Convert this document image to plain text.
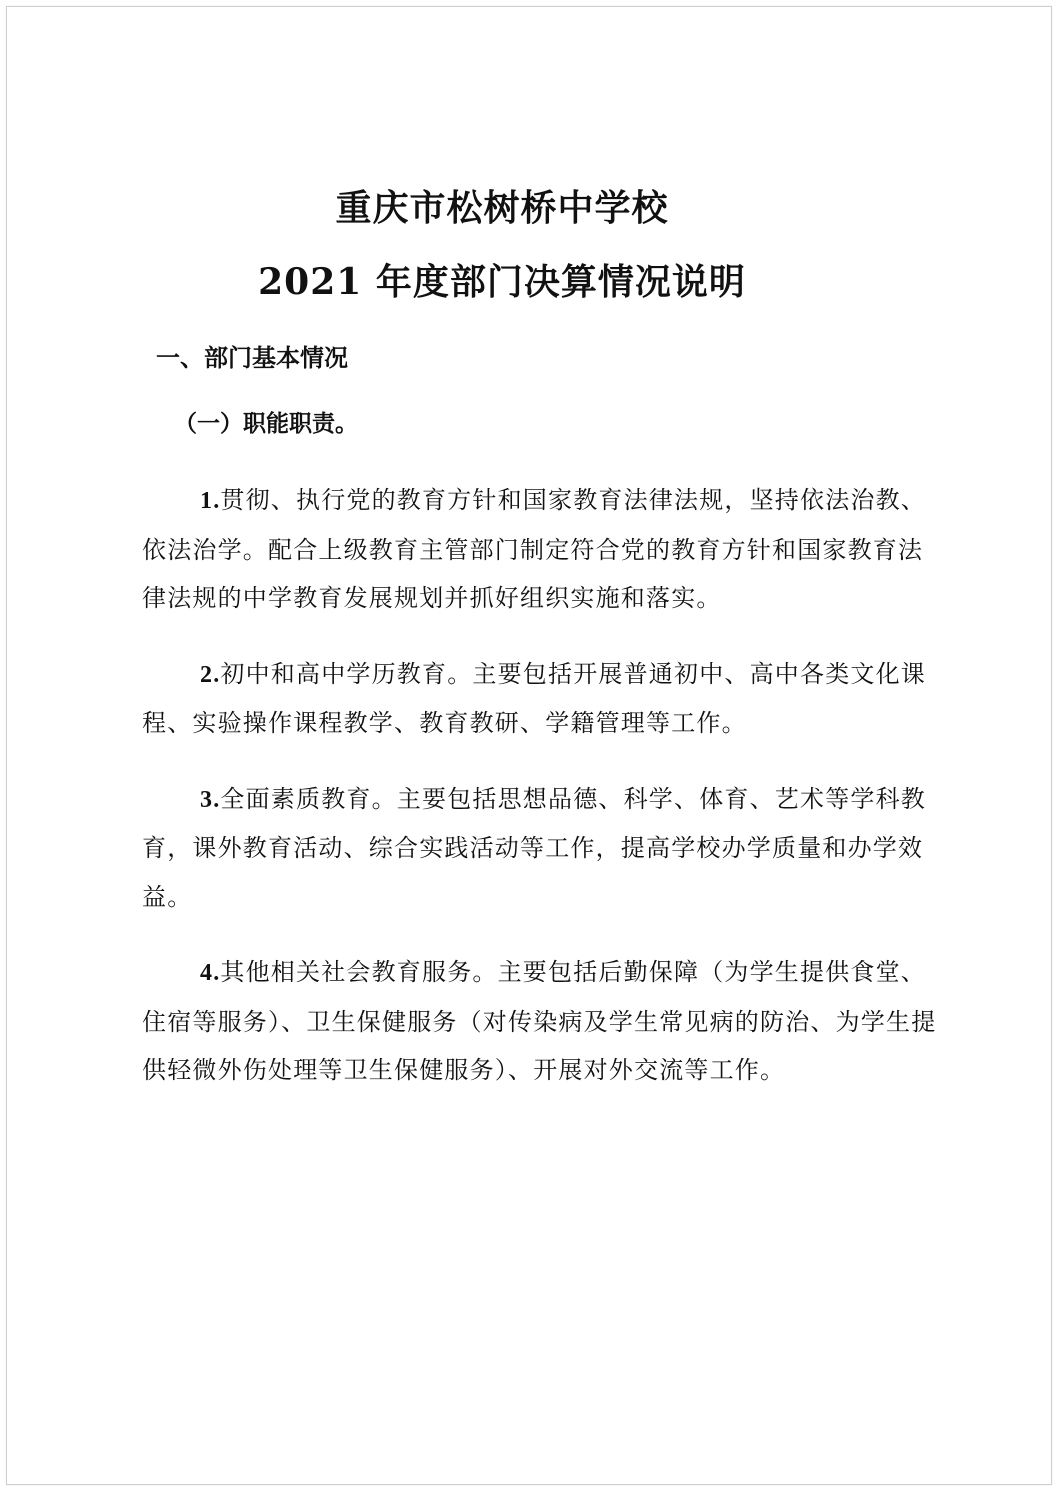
重庆市松树桥中学校
2021 年度部门决算情况说明
一、部门基本情况
（一）职能职责。

1.贯彻、执行党的教育方针和国家教育法律法规，坚持依法治教、依法治学。配合上级教育主管部门制定符合党的教育方针和国家教育法律法规的中学教育发展规划并抓好组织实施和落实。

2.初中和高中学历教育。主要包括开展普通初中、高中各类文化课程、实验操作课程教学、教育教研、学籍管理等工作。

3.全面素质教育。主要包括思想品德、科学、体育、艺术等学科教育，课外教育活动、综合实践活动等工作，提高学校办学质量和办学效益。

4.其他相关社会教育服务。主要包括后勤保障（为学生提供食堂、住宿等服务）、卫生保健服务（对传染病及学生常见病的防治、为学生提供轻微外伤处理等卫生保健服务）、开展对外交流等工作。
